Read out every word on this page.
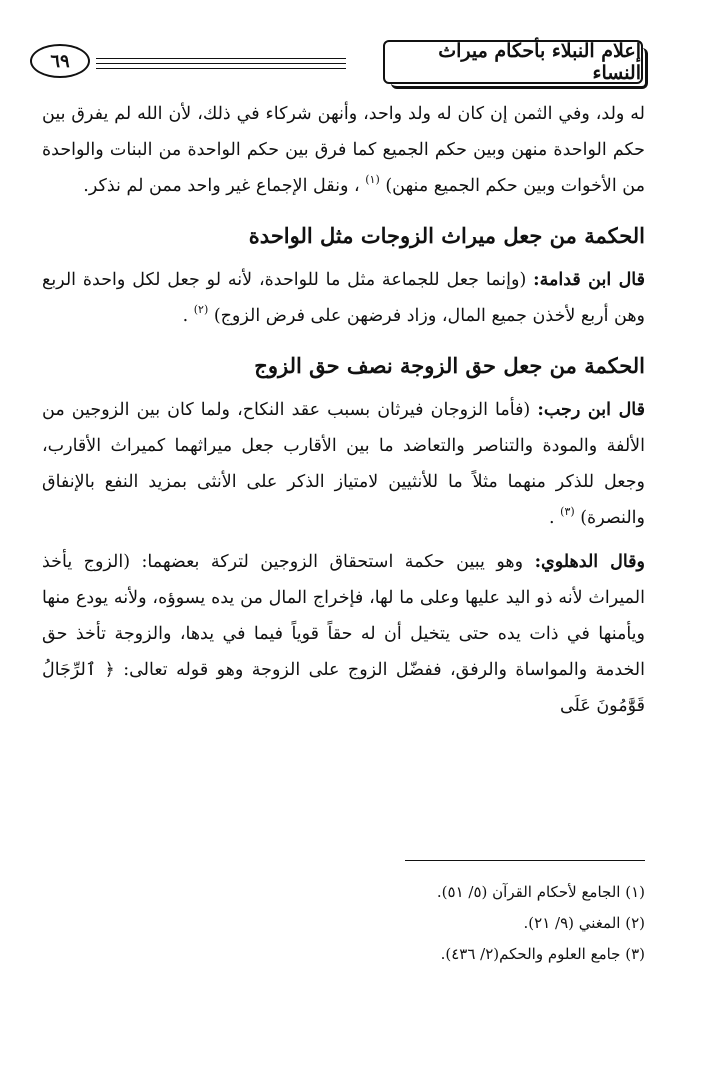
٦٩	إعلام النبلاء بأحكام ميراث النساء

له ولد، وفي الثمن إن كان له ولد واحد، وأنهن شركاء في ذلك، لأن الله لم يفرق بين حكم الواحدة منهن وبين حكم الجميع كما فرق بين حكم الواحدة من البنات والواحدة من الأخوات وبين حكم الجميع منهن) $^{(١)}$ ، ونقل الإجماع غير واحد ممن لم نذكر.

الحكمة من جعل ميراث الزوجات مثل الواحدة

قال ابن قدامة: (وإنما جعل للجماعة مثل ما للواحدة، لأنه لو جعل لكل واحدة الربع وهن أربع لأخذن جميع المال، وزاد فرضهن على فرض الزوج) $^{(٢)}$ .

الحكمة من جعل حق الزوجة نصف حق الزوج

قال ابن رجب: (فأما الزوجان فيرثان بسبب عقد النكاح، ولما كان بين الزوجين من الألفة والمودة والتناصر والتعاضد ما بين الأقارب جعل ميراثهما كميراث الأقارب، وجعل للذكر منهما مثلاً ما للأنثيين لامتياز الذكر على الأنثى بمزيد النفع بالإنفاق والنصرة) $^{(٣)}$ .

وقال الدهلوي: وهو يبين حكمة استحقاق الزوجين لتركة بعضهما: (الزوج يأخذ الميراث لأنه ذو اليد عليها وعلى ما لها، فإخراج المال من يده يسوؤه، ولأنه يودع منها ويأمنها في ذات يده حتى يتخيل أن له حقاً قوياً فيما في يدها، والزوجة تأخذ حق الخدمة والمواساة والرفق، ففضّل الزوج على الزوجة وهو قوله تعالى: ﴿ ٱلرِّجَالُ قَوَّٰمُونَ عَلَى

(١) الجامع لأحكام القرآن (٥/ ٥١).
(٢) المغني (٩/ ٢١).
(٣) جامع العلوم والحكم(٢/ ٤٣٦).
